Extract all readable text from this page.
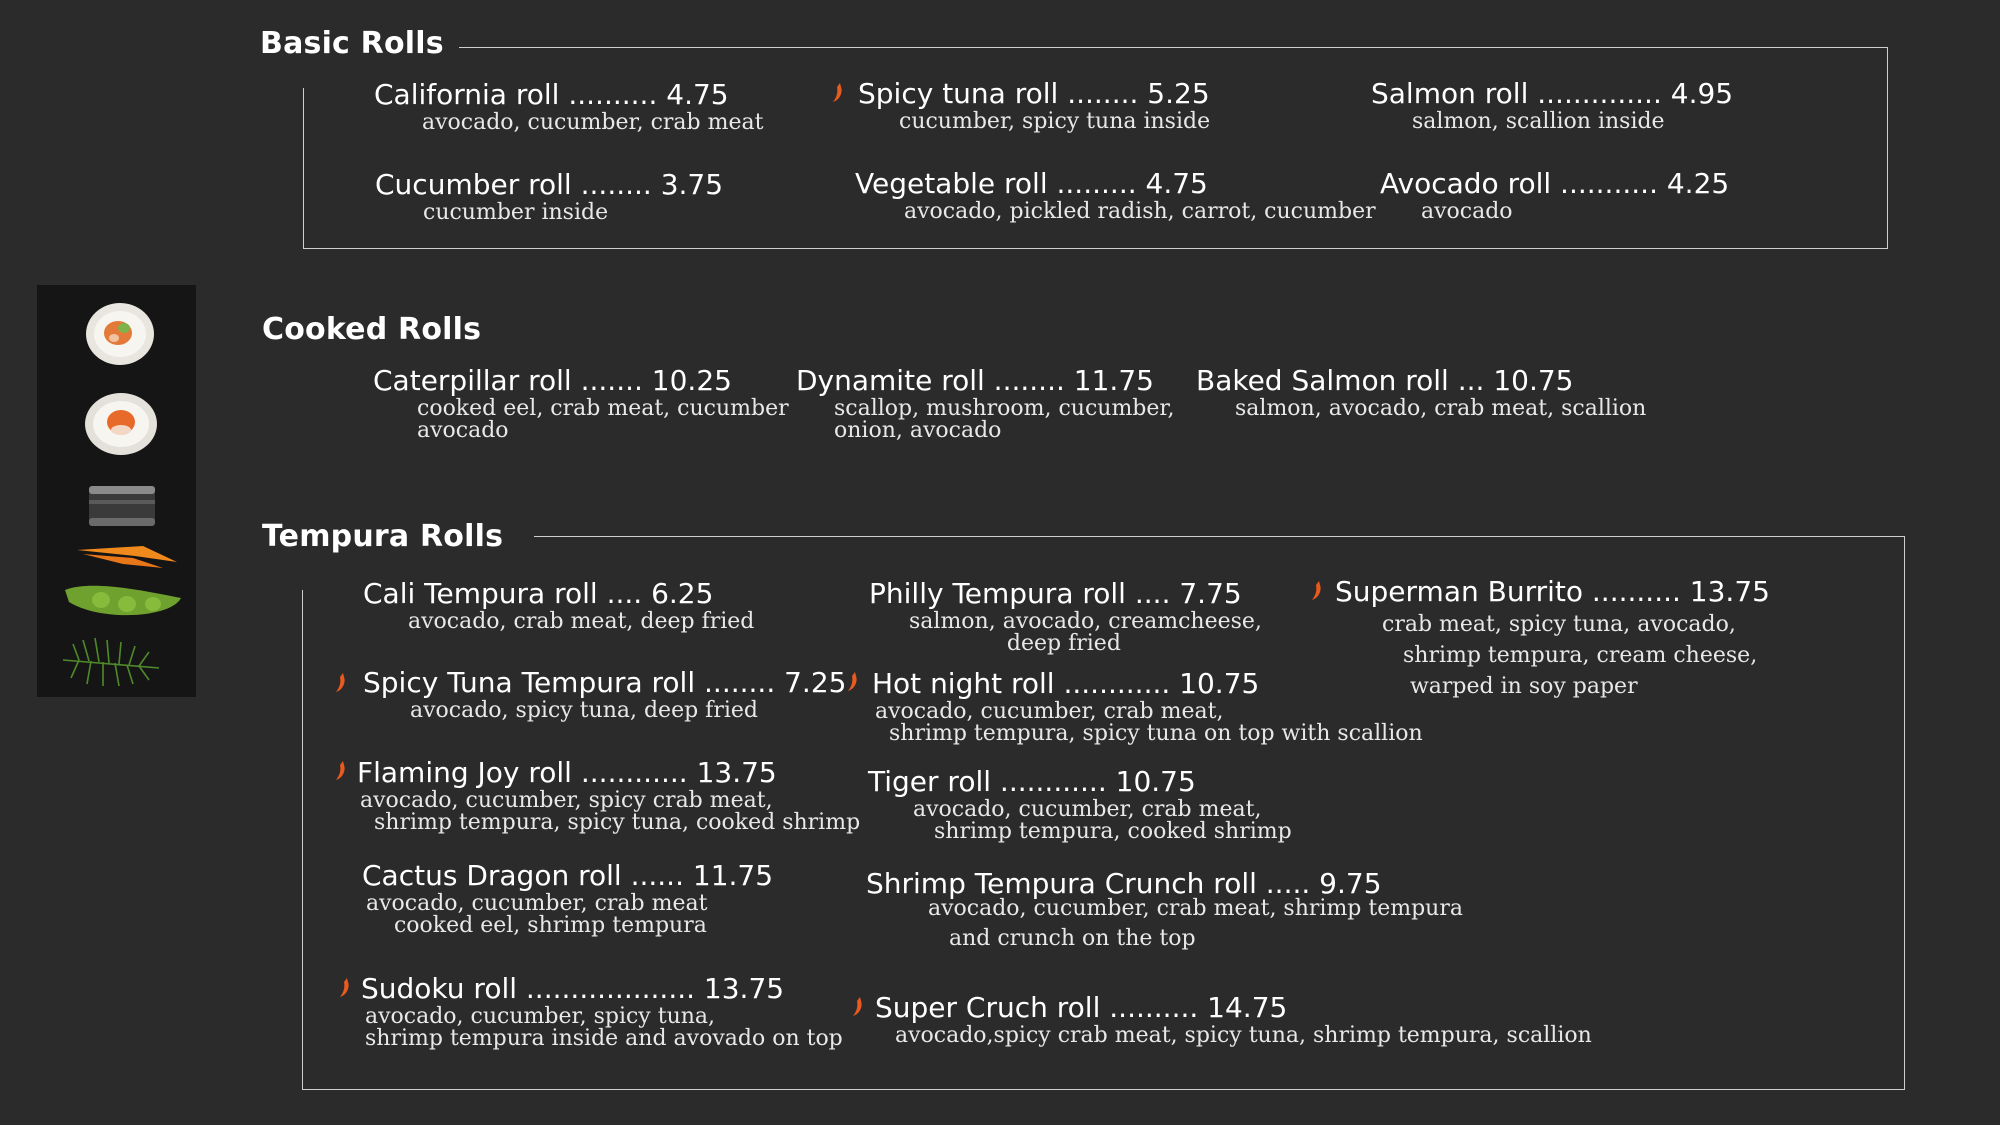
Basic Rolls
California roll .......... 4.75
avocado, cucumber, crab meat
Spicy tuna roll ........ 5.25
cucumber, spicy tuna inside
Salmon roll .............. 4.95
salmon, scallion inside
Cucumber roll ........ 3.75
cucumber inside
Vegetable roll ......... 4.75
avocado, pickled radish, carrot, cucumber
Avocado roll ........... 4.25
avocado
Cooked Rolls
Caterpillar roll ....... 10.25
cooked eel, crab meat, cucumber
avocado
Dynamite roll ........ 11.75
scallop, mushroom, cucumber,
onion, avocado
Baked Salmon roll ... 10.75
salmon, avocado, crab meat, scallion
Tempura Rolls
Cali Tempura roll .... 6.25
avocado, crab meat, deep fried
Spicy Tuna Tempura roll ........ 7.25
avocado, spicy tuna, deep fried
Flaming Joy roll ............ 13.75
avocado, cucumber, spicy crab meat,
shrimp tempura, spicy tuna, cooked shrimp
Cactus Dragon roll ...... 11.75
avocado, cucumber, crab meat
cooked eel, shrimp tempura
Sudoku roll ................... 13.75
avocado, cucumber, spicy tuna,
shrimp tempura inside and avovado on top
Philly Tempura roll .... 7.75
salmon, avocado, creamcheese,
deep fried
Hot night roll ............ 10.75
avocado, cucumber, crab meat,
shrimp tempura, spicy tuna on top with scallion
Tiger roll ............ 10.75
avocado, cucumber, crab meat,
shrimp tempura, cooked shrimp
Shrimp Tempura Crunch roll ..... 9.75
avocado, cucumber, crab meat, shrimp tempura

and crunch on the top
Super Cruch roll .......... 14.75
avocado,spicy crab meat, spicy tuna, shrimp tempura, scallion
Superman Burrito .......... 13.75
crab meat, spicy tuna, avocado,
shrimp tempura, cream cheese,
warped in soy paper
